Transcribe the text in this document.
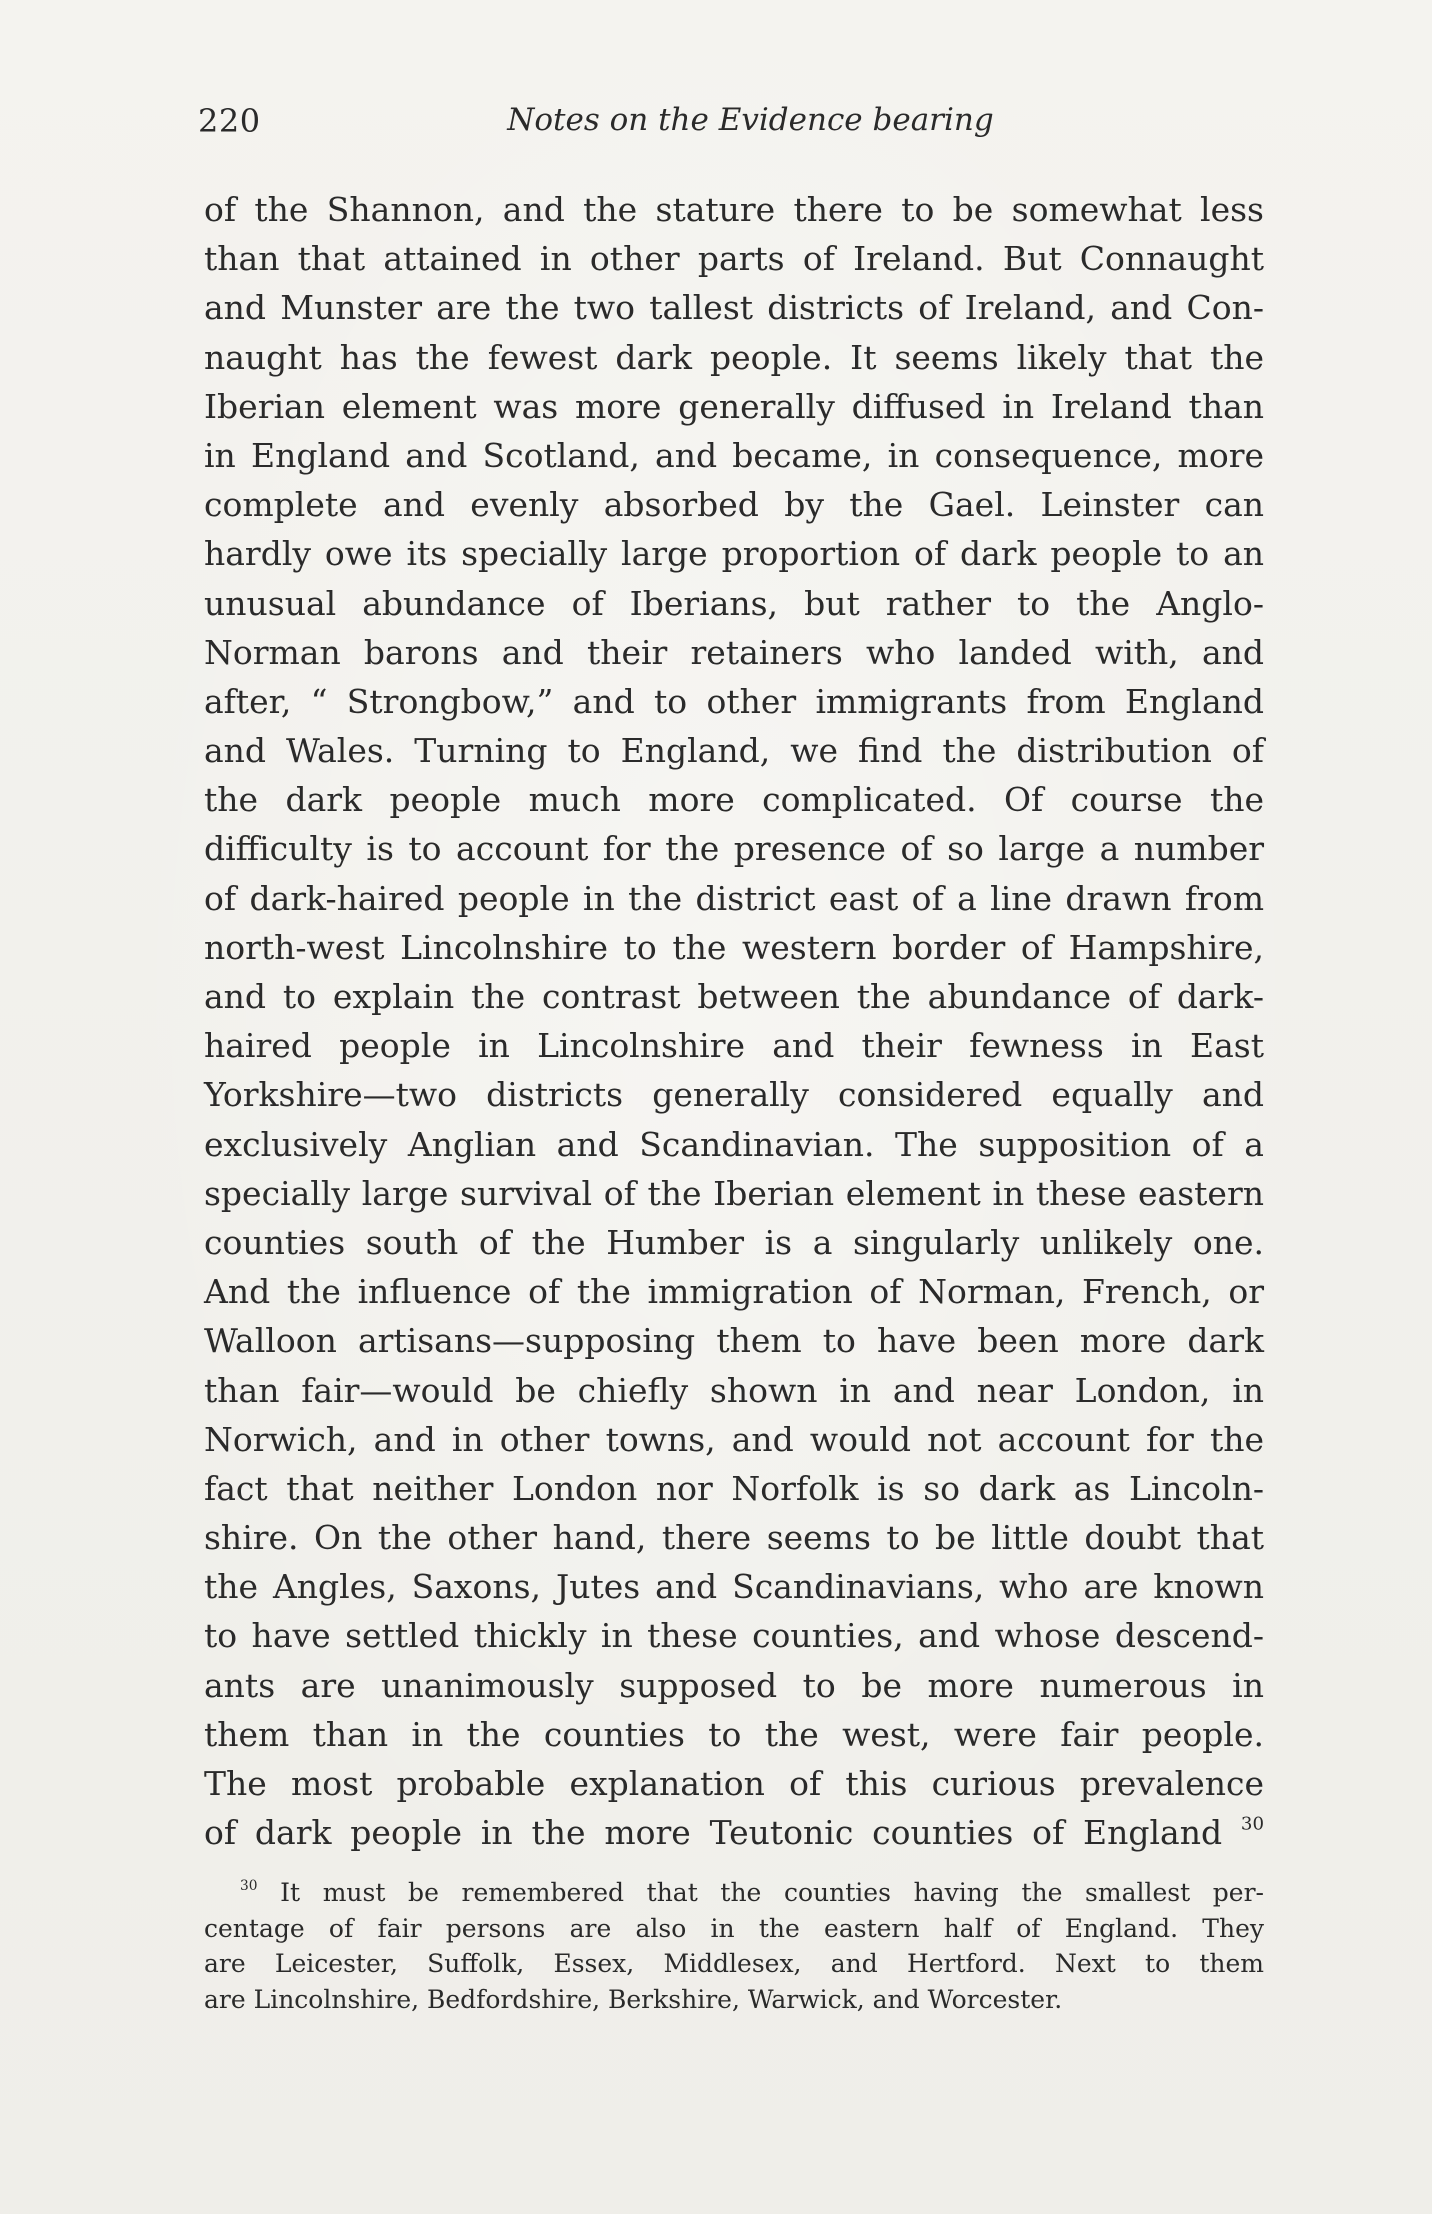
220	Notes on the Evidence bearing
of the Shannon, and the stature there to be somewhat less
than that attained in other parts of Ireland. But Connaught
and Munster are the two tallest districts of Ireland, and Con-
naught has the fewest dark people. It seems likely that the
Iberian element was more generally diffused in Ireland than
in England and Scotland, and became, in consequence, more
complete and evenly absorbed by the Gael. Leinster can
hardly owe its specially large proportion of dark people to an
unusual abundance of Iberians, but rather to the Anglo-
Norman barons and their retainers who landed with, and
after, “ Strongbow,” and to other immigrants from England
and Wales. Turning to England, we find the distribution of
the dark people much more complicated. Of course the
difficulty is to account for the presence of so large a number
of dark-haired people in the district east of a line drawn from
north-west Lincolnshire to the western border of Hampshire,
and to explain the contrast between the abundance of dark-
haired people in Lincolnshire and their fewness in East
Yorkshire—two districts generally considered equally and
exclusively Anglian and Scandinavian. The supposition of a
specially large survival of the Iberian element in these eastern
counties south of the Humber is a singularly unlikely one.
And the influence of the immigration of Norman, French, or
Walloon artisans—supposing them to have been more dark
than fair—would be chiefly shown in and near London, in
Norwich, and in other towns, and would not account for the
fact that neither London nor Norfolk is so dark as Lincoln-
shire. On the other hand, there seems to be little doubt that
the Angles, Saxons, Jutes and Scandinavians, who are known
to have settled thickly in these counties, and whose descend-
ants are unanimously supposed to be more numerous in
them than in the counties to the west, were fair people.
The most probable explanation of this curious prevalence
of dark people in the more Teutonic counties of England $^{30}$
$^{30}$ It must be remembered that the counties having the smallest per-
centage of fair persons are also in the eastern half of England. They
are Leicester, Suffolk, Essex, Middlesex, and Hertford. Next to them
are Lincolnshire, Bedfordshire, Berkshire, Warwick, and Worcester.
